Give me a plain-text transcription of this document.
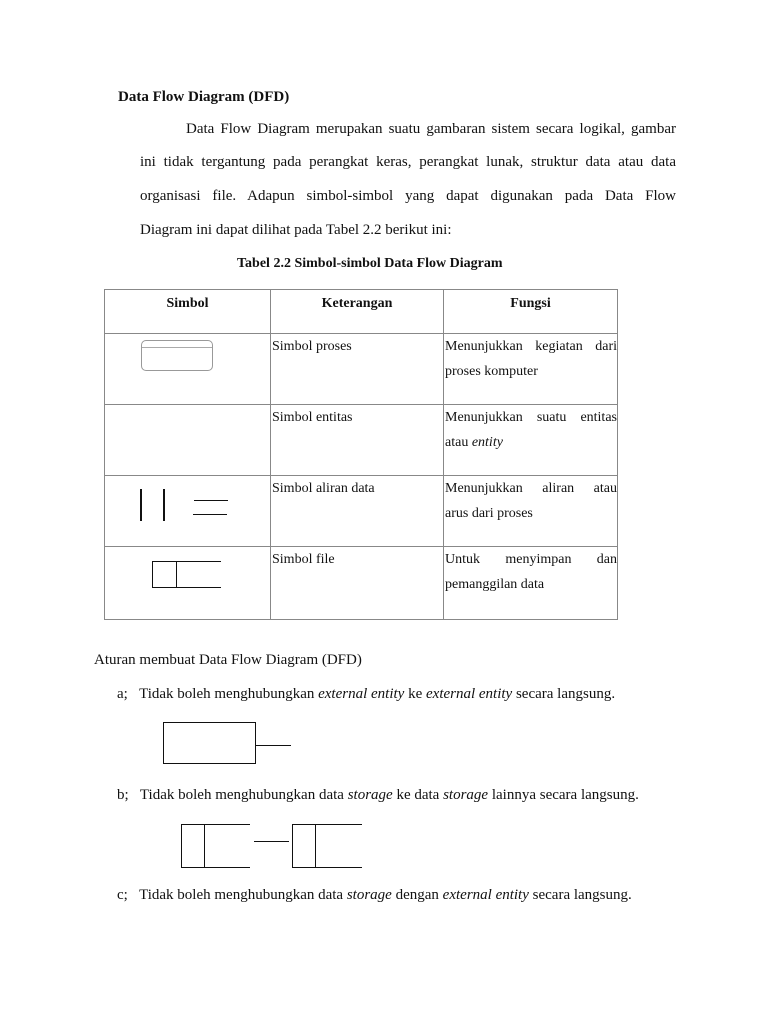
Data Flow Diagram (DFD)
Data Flow Diagram merupakan suatu gambaran sistem secara logikal, gambar
ini tidak tergantung pada perangkat keras, perangkat lunak, struktur data atau data
organisasi file. Adapun simbol-simbol yang dapat digunakan pada Data Flow
Diagram ini dapat dilihat pada Tabel 2.2 berikut ini:
Tabel 2.2 Simbol-simbol Data Flow Diagram
Simbol	Keterangan	Fungsi
	Simbol proses	Menunjukkan kegiatan dari
proses komputer
	Simbol entitas	Menunjukkan suatu entitas
atau entity
	Simbol aliran data	Menunjukkan aliran atau
arus dari proses
	Simbol file	Untuk menyimpan dan
pemanggilan data
Aturan membuat Data Flow Diagram (DFD)
a; Tidak boleh menghubungkan external entity ke external entity secara langsung.
b; Tidak boleh menghubungkan data storage ke data storage lainnya secara langsung.
c; Tidak boleh menghubungkan data storage dengan external entity secara langsung.
